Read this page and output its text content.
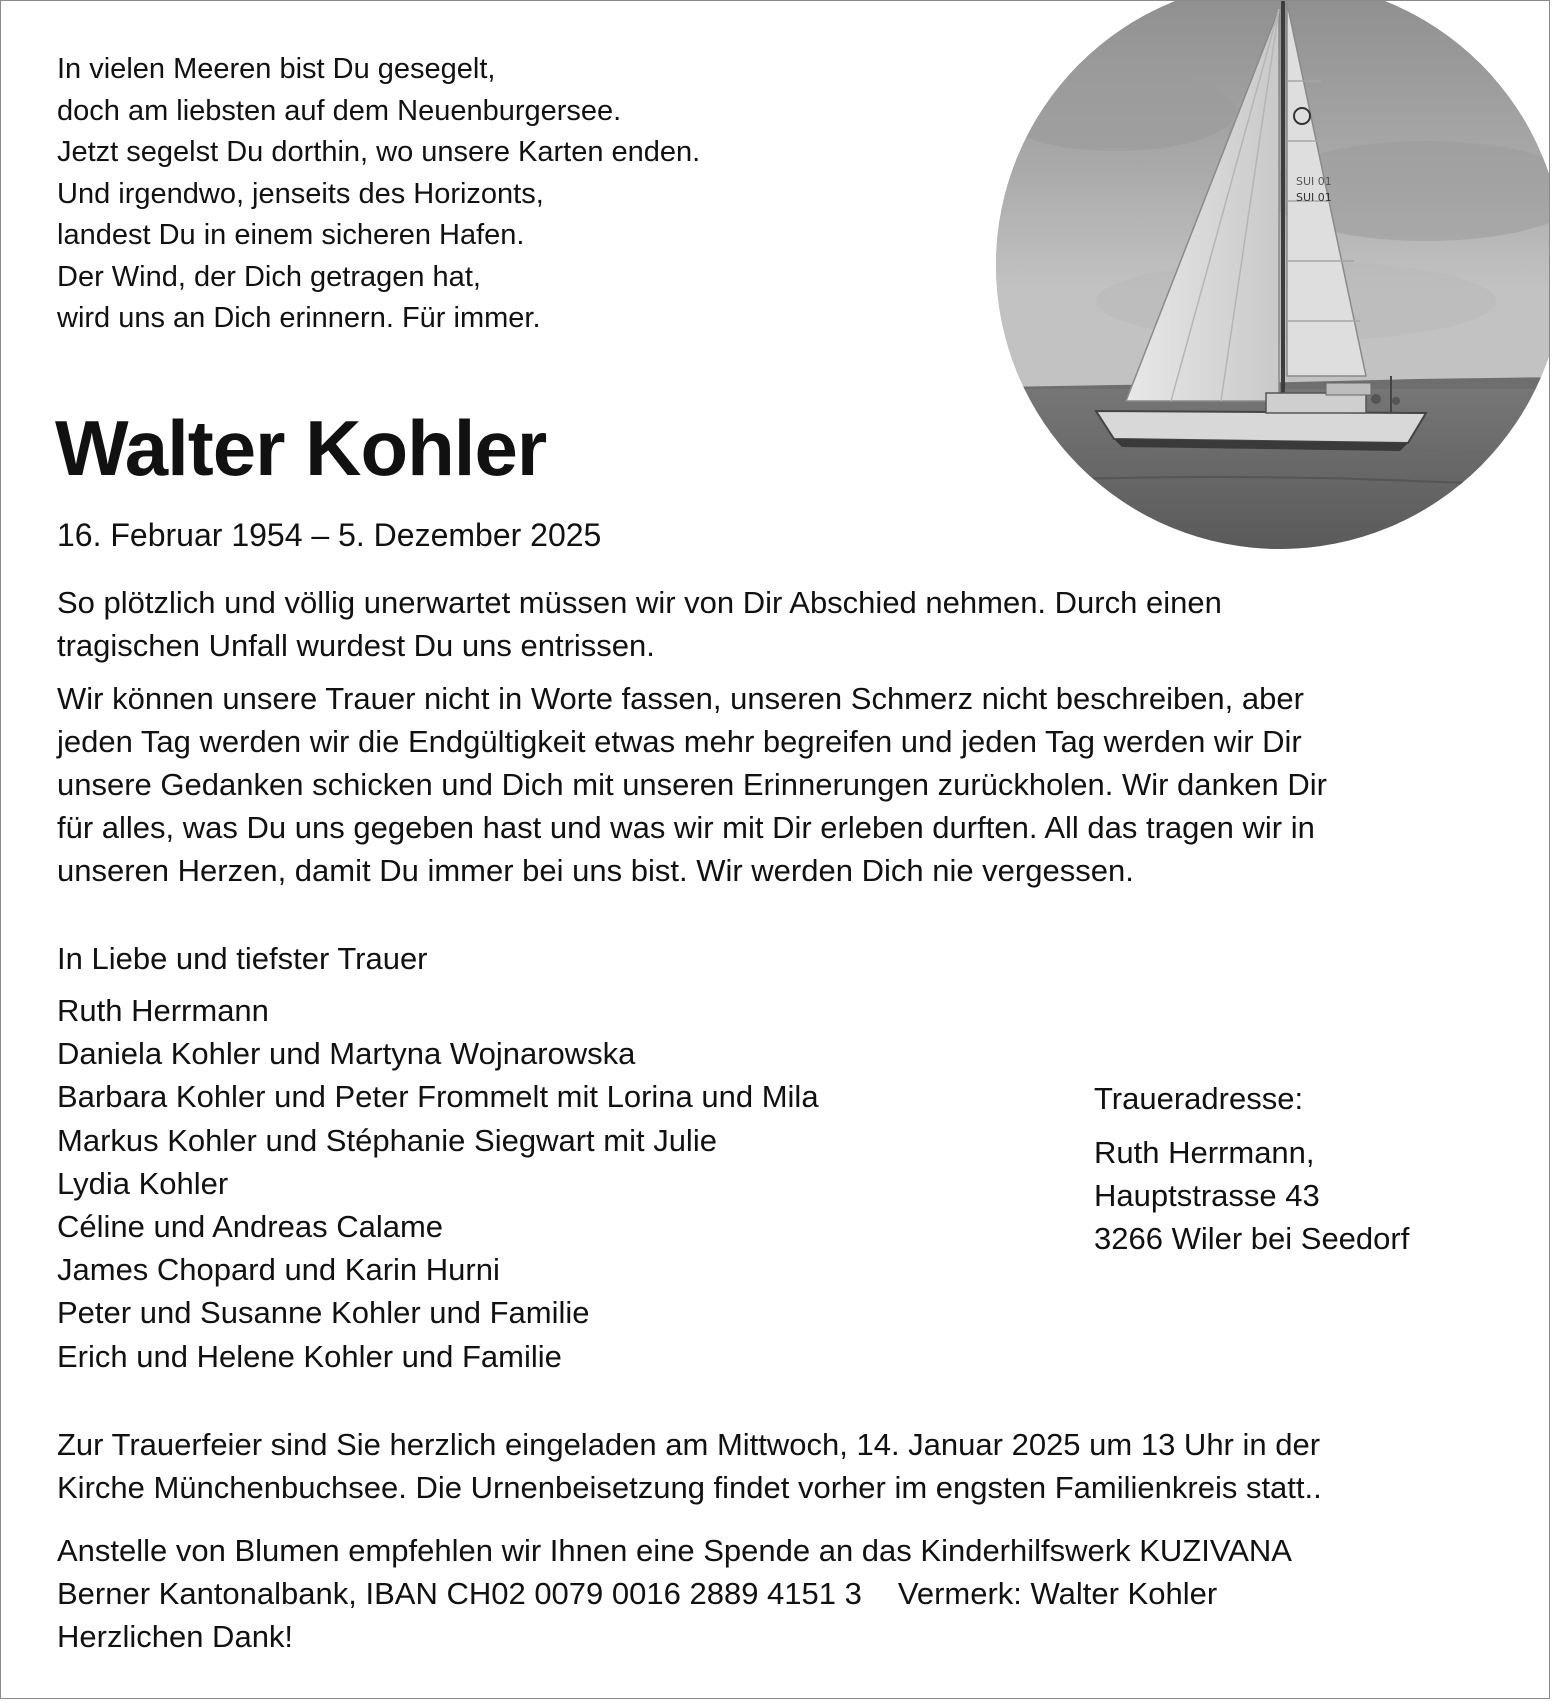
In vielen Meeren bist Du gesegelt,
doch am liebsten auf dem Neuenburgersee.
Jetzt segelst Du dorthin, wo unsere Karten enden.
Und irgendwo, jenseits des Horizonts,
landest Du in einem sicheren Hafen.
Der Wind, der Dich getragen hat,
wird uns an Dich erinnern. Für immer.
SUI 01
SUI 01
Walter Kohler
16. Februar 1954 – 5. Dezember 2025
So plötzlich und völlig unerwartet müssen wir von Dir Abschied nehmen. Durch einen
tragischen Unfall wurdest Du uns entrissen.
Wir können unsere Trauer nicht in Worte fassen, unseren Schmerz nicht beschreiben, aber
jeden Tag werden wir die Endgültigkeit etwas mehr begreifen und jeden Tag werden wir Dir
unsere Gedanken schicken und Dich mit unseren Erinnerungen zurückholen. Wir danken Dir
für alles, was Du uns gegeben hast und was wir mit Dir erleben durften. All das tragen wir in
unseren Herzen, damit Du immer bei uns bist. Wir werden Dich nie vergessen.
In Liebe und tiefster Trauer
Ruth Herrmann
Daniela Kohler und Martyna Wojnarowska
Barbara Kohler und Peter Frommelt mit Lorina und Mila
Markus Kohler und Stéphanie Siegwart mit Julie
Lydia Kohler
Céline und Andreas Calame
James Chopard und Karin Hurni
Peter und Susanne Kohler und Familie
Erich und Helene Kohler und Familie
Traueradresse:
Ruth Herrmann,
Hauptstrasse 43
3266 Wiler bei Seedorf
Zur Trauerfeier sind Sie herzlich eingeladen am Mittwoch, 14. Januar 2025 um 13 Uhr in der
Kirche Münchenbuchsee. Die Urnenbeisetzung findet vorher im engsten Familienkreis statt..
Anstelle von Blumen empfehlen wir Ihnen eine Spende an das Kinderhilfswerk KUZIVANA
Berner Kantonalbank, IBAN CH02 0079 0016 2889 4151 3 Vermerk: Walter Kohler
Herzlichen Dank!
